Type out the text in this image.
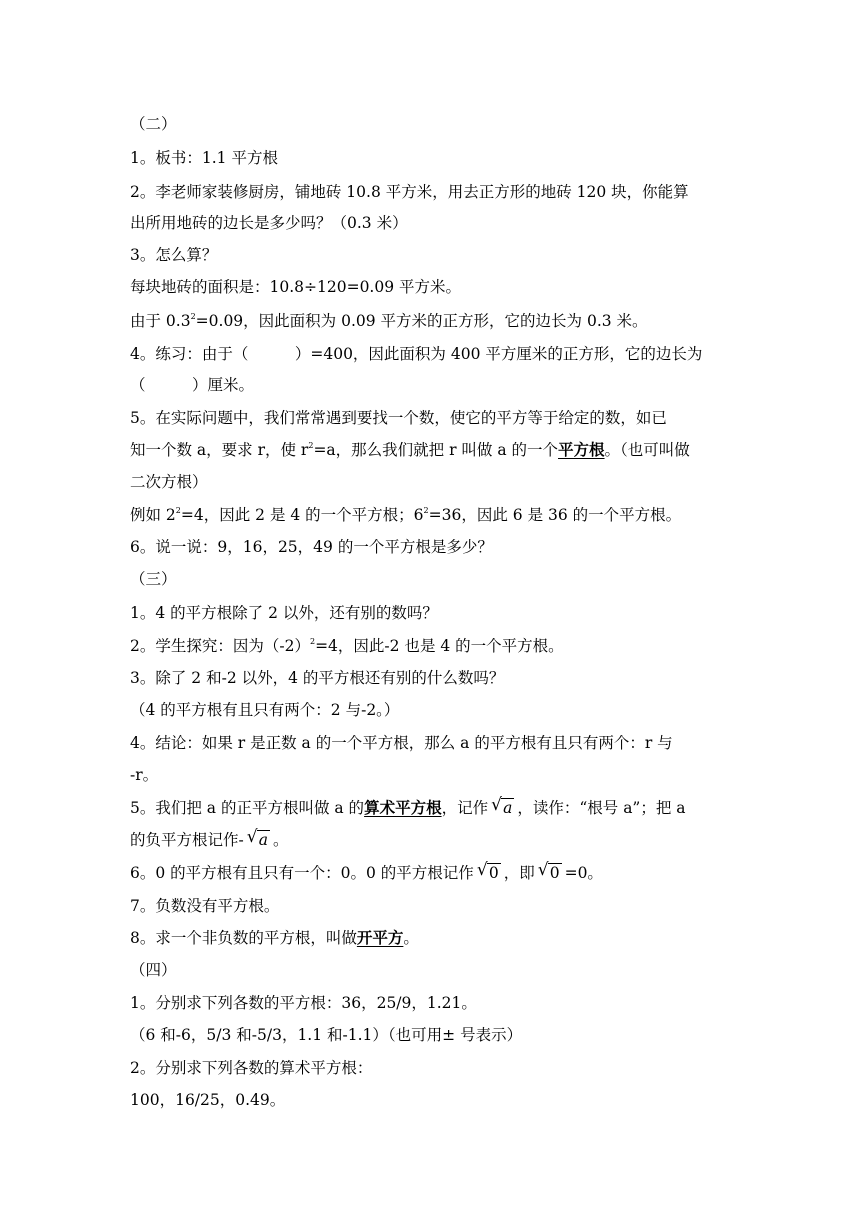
（二）
1。板书：1.1 平方根
2。李老师家装修厨房，铺地砖 10.8 平方米，用去正方形的地砖 120 块，你能算
出所用地砖的边长是多少吗？（0.3 米）
3。怎么算？
每块地砖的面积是：10.8÷120=0.09 平方米。
由于 $0.3^2=0.09$，因此面积为 0.09 平方米的正方形，它的边长为 0.3 米。
4。练习：由于（　　　）=400，因此面积为 400 平方厘米的正方形，它的边长为
（　　　）厘米。
5。在实际问题中，我们常常遇到要找一个数，使它的平方等于给定的数，如已
知一个数 a，要求 r，使 $r^2=a$，那么我们就把 r 叫做 a 的一个平方根。（也可叫做
二次方根）
例如 $2^2=4$，因此 2 是 4 的一个平方根；$6^2=36$，因此 6 是 36 的一个平方根。
6。说一说：9，16，25，49 的一个平方根是多少？
（三）
1。4 的平方根除了 2 以外，还有别的数吗？
2。学生探究：因为$(-2)^2=4$，因此-2 也是 4 的一个平方根。
3。除了 2 和-2 以外，4 的平方根还有别的什么数吗？
（4 的平方根有且只有两个：2 与-2。）
4。结论：如果 r 是正数 a 的一个平方根，那么 a 的平方根有且只有两个：r 与
-r。
5。我们把 a 的正平方根叫做 a 的算术平方根，记作 √ a ，读作：“根号 a”；把 a
的负平方根记作- √ a 。
6。0 的平方根有且只有一个：0。0 的平方根记作 √ 0 ，即 √ 0 =0。
7。负数没有平方根。
8。求一个非负数的平方根，叫做开平方。
（四）
1。分别求下列各数的平方根：36，25/9，1.21。
（6 和-6，5/3 和-5/3，1.1 和-1.1）（也可用± 号表示）
2。分别求下列各数的算术平方根：
100，16/25，0.49。
